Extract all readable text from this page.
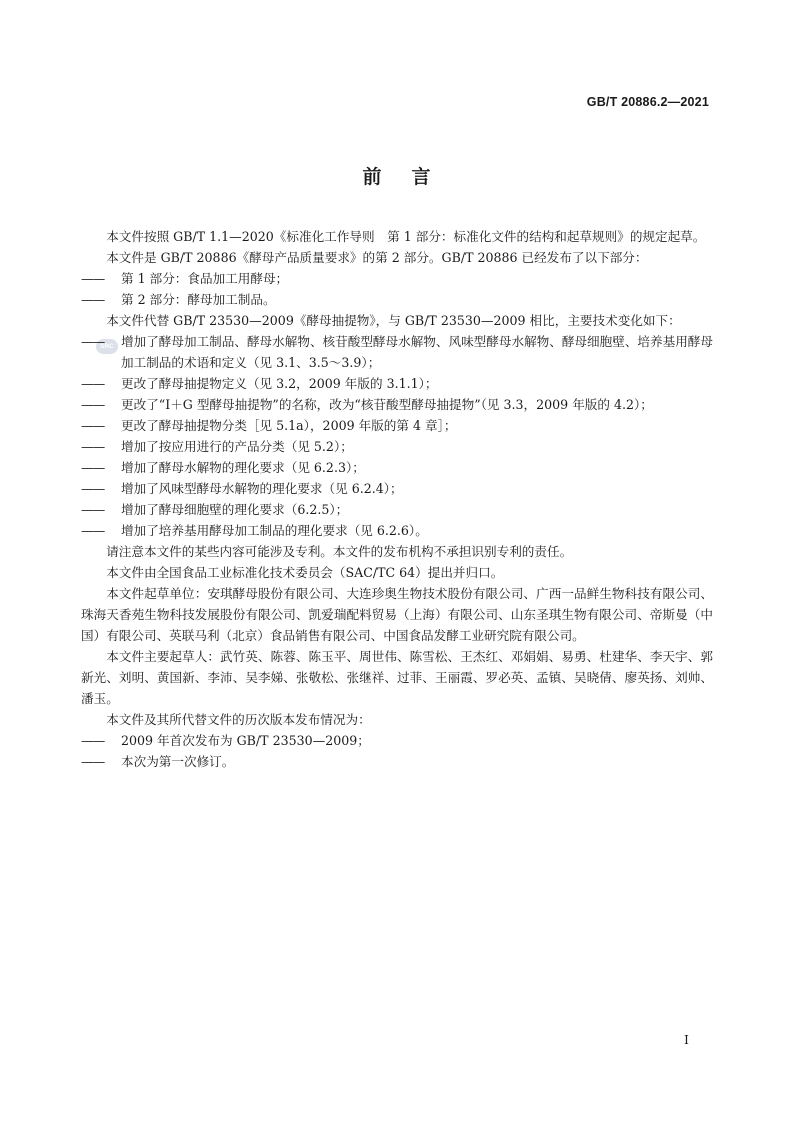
GB/T 20886.2—2021
前言
SRC

本文件按照 GB/T 1.1—2020《标准化工作导则　第 1 部分：标准化文件的结构和起草规则》的规定起草。

本文件是 GB/T 20886《酵母产品质量要求》的第 2 部分。GB/T 20886 已经发布了以下部分：

—— 第 1 部分：食品加工用酵母；

—— 第 2 部分：酵母加工制品。

本文件代替 GB/T 23530—2009《酵母抽提物》，与 GB/T 23530—2009 相比，主要技术变化如下：

—— 增加了酵母加工制品、酵母水解物、核苷酸型酵母水解物、风味型酵母水解物、酵母细胞壁、培养基用酵母加工制品的术语和定义（见 3.1、3.5～3.9）；

—— 更改了酵母抽提物定义（见 3.2，2009 年版的 3.1.1）；

—— 更改了“I＋G 型酵母抽提物”的名称，改为“核苷酸型酵母抽提物”（见 3.3，2009 年版的 4.2）；

—— 更改了酵母抽提物分类［见 5.1a），2009 年版的第 4 章］；

—— 增加了按应用进行的产品分类（见 5.2）；

—— 增加了酵母水解物的理化要求（见 6.2.3）；

—— 增加了风味型酵母水解物的理化要求（见 6.2.4）；

—— 增加了酵母细胞壁的理化要求（6.2.5）；

—— 增加了培养基用酵母加工制品的理化要求（见 6.2.6）。

请注意本文件的某些内容可能涉及专利。本文件的发布机构不承担识别专利的责任。

本文件由全国食品工业标准化技术委员会（SAC/TC 64）提出并归口。

本文件起草单位：安琪酵母股份有限公司、大连珍奥生物技术股份有限公司、广西一品鲜生物科技有限公司、珠海天香苑生物科技发展股份有限公司、凯爱瑞配料贸易（上海）有限公司、山东圣琪生物有限公司、帝斯曼（中国）有限公司、英联马利（北京）食品销售有限公司、中国食品发酵工业研究院有限公司。

本文件主要起草人：武竹英、陈蓉、陈玉平、周世伟、陈雪松、王杰红、邓娟娟、易勇、杜建华、李天宇、郭新光、刘明、黄国新、李沛、吴李娣、张敬松、张继祥、过菲、王丽霞、罗必英、孟镇、吴晓倩、廖英扬、刘帅、潘玉。

本文件及其所代替文件的历次版本发布情况为：

—— 2009 年首次发布为 GB/T 23530—2009；

—— 本次为第一次修订。

I
